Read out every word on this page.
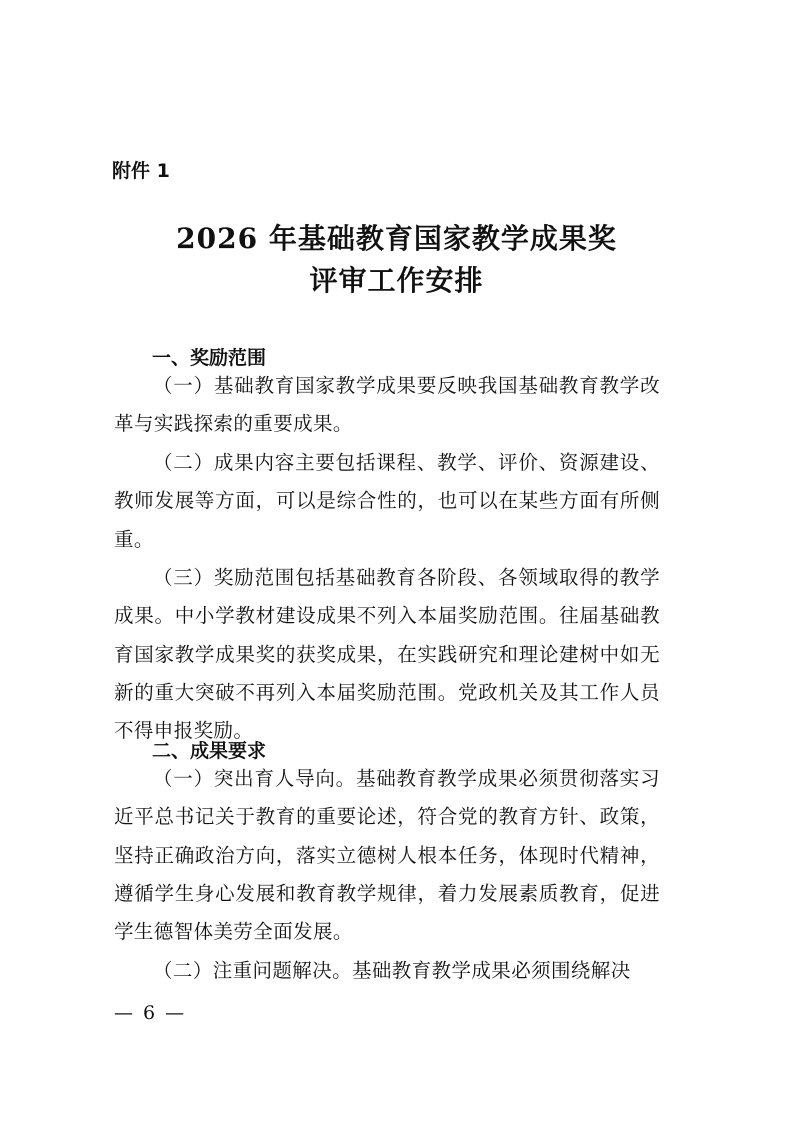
附件 1
2026 年基础教育国家教学成果奖
评审工作安排
一、奖励范围

（一）基础教育国家教学成果要反映我国基础教育教学改革与实践探索的重要成果。

（二）成果内容主要包括课程、教学、评价、资源建设、教师发展等方面，可以是综合性的，也可以在某些方面有所侧重。

（三）奖励范围包括基础教育各阶段、各领域取得的教学成果。中小学教材建设成果不列入本届奖励范围。往届基础教育国家教学成果奖的获奖成果，在实践研究和理论建树中如无新的重大突破不再列入本届奖励范围。党政机关及其工作人员不得申报奖励。

二、成果要求

（一）突出育人导向。基础教育教学成果必须贯彻落实习近平总书记关于教育的重要论述，符合党的教育方针、政策，坚持正确政治方向，落实立德树人根本任务，体现时代精神，遵循学生身心发展和教育教学规律，着力发展素质教育，促进学生德智体美劳全面发展。

（二）注重问题解决。基础教育教学成果必须围绕解决

— 6 —
